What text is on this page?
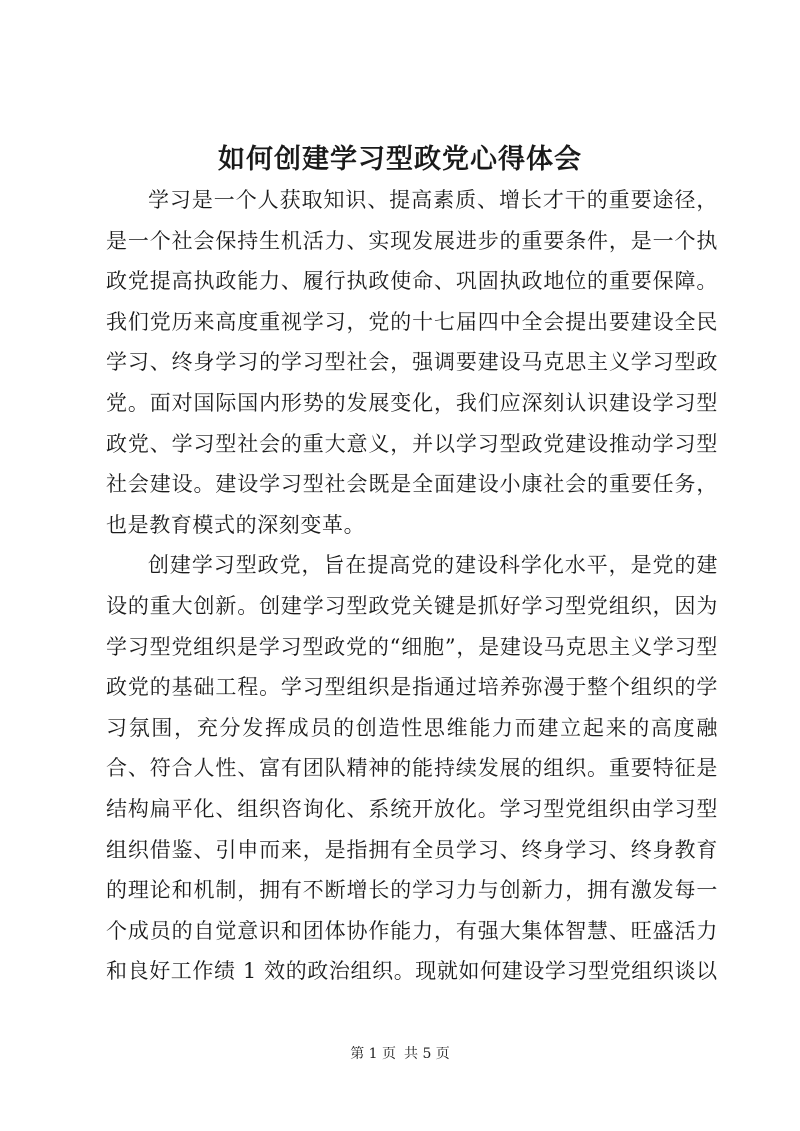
如何创建学习型政党心得体会

学习是一个人获取知识、提高素质、增长才干的重要途径，是一个社会保持生机活力、实现发展进步的重要条件，是一个执政党提高执政能力、履行执政使命、巩固执政地位的重要保障。我们党历来高度重视学习，党的十七届四中全会提出要建设全民学习、终身学习的学习型社会，强调要建设马克思主义学习型政党。面对国际国内形势的发展变化，我们应深刻认识建设学习型政党、学习型社会的重大意义，并以学习型政党建设推动学习型社会建设。建设学习型社会既是全面建设小康社会的重要任务，也是教育模式的深刻变革。

创建学习型政党，旨在提高党的建设科学化水平，是党的建设的重大创新。创建学习型政党关键是抓好学习型党组织，因为学习型党组织是学习型政党的“细胞”，是建设马克思主义学习型政党的基础工程。学习型组织是指通过培养弥漫于整个组织的学习氛围，充分发挥成员的创造性思维能力而建立起来的高度融合、符合人性、富有团队精神的能持续发展的组织。重要特征是结构扁平化、组织咨询化、系统开放化。学习型党组织由学习型组织借鉴、引申而来，是指拥有全员学习、终身学习、终身教育的理论和机制，拥有不断增长的学习力与创新力，拥有激发每一个成员的自觉意识和团体协作能力，有强大集体智慧、旺盛活力和良好工作绩 1 效的政治组织。现就如何建设学习型党组织谈以

第 1 页 共 5 页
